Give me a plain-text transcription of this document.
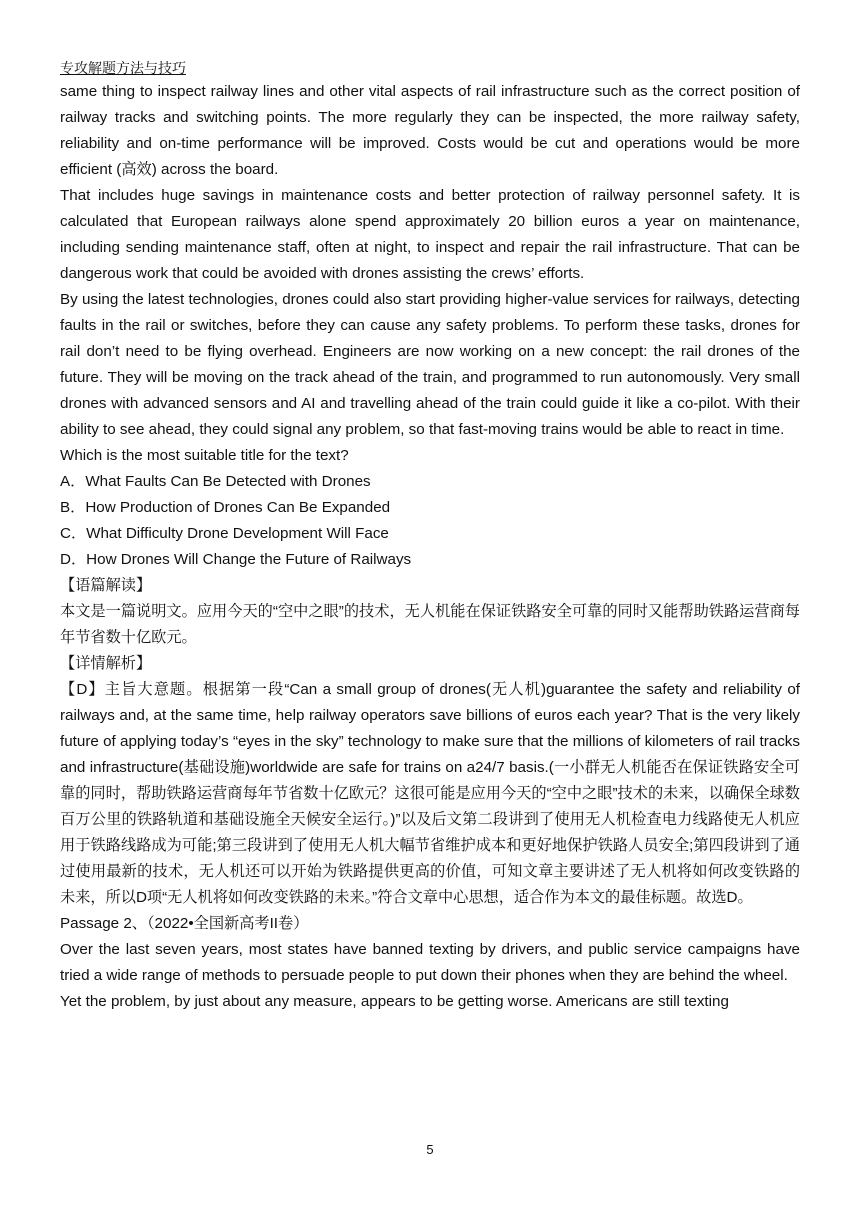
专攻解题方法与技巧

same thing to inspect railway lines and other vital aspects of rail infrastructure such as the correct position of railway tracks and switching points. The more regularly they can be inspected, the more railway safety, reliability and on-time performance will be improved. Costs would be cut and operations would be more efficient (高效) across the board.

That includes huge savings in maintenance costs and better protection of railway personnel safety. It is calculated that European railways alone spend approximately 20 billion euros a year on maintenance, including sending maintenance staff, often at night, to inspect and repair the rail infrastructure. That can be dangerous work that could be avoided with drones assisting the crews’ efforts.

By using the latest technologies, drones could also start providing higher-value services for railways, detecting faults in the rail or switches, before they can cause any safety problems. To perform these tasks, drones for rail don’t need to be flying overhead. Engineers are now working on a new concept: the rail drones of the future. They will be moving on the track ahead of the train, and programmed to run autonomously. Very small drones with advanced sensors and AI and travelling ahead of the train could guide it like a co-pilot. With their ability to see ahead, they could signal any problem, so that fast-moving trains would be able to react in time.

Which is the most suitable title for the text?

A．What Faults Can Be Detected with Drones

B．How Production of Drones Can Be Expanded

C．What Difficulty Drone Development Will Face

D．How Drones Will Change the Future of Railways

【语篇解读】

本文是一篇说明文。应用今天的“空中之眼”的技术，无人机能在保证铁路安全可靠的同时又能帮助铁路运营商每年节省数十亿欧元。

【详情解析】

【D】主旨大意题。根据第一段“Can a small group of drones(无人机)guarantee the safety and reliability of railways and, at the same time, help railway operators save billions of euros each year? That is the very likely future of applying today’s “eyes in the sky” technology to make sure that the millions of kilometers of rail tracks and infrastructure(基础设施)worldwide are safe for trains on a24/7 basis.(一小群无人机能否在保证铁路安全可靠的同时，帮助铁路运营商每年节省数十亿欧元？这很可能是应用今天的“空中之眼”技术的未来，以确保全球数百万公里的铁路轨道和基础设施全天候安全运行。)”以及后文第二段讲到了使用无人机检查电力线路使无人机应用于铁路线路成为可能;第三段讲到了使用无人机大幅节省维护成本和更好地保护铁路人员安全;第四段讲到了通过使用最新的技术，无人机还可以开始为铁路提供更高的价值，可知文章主要讲述了无人机将如何改变铁路的未来，所以D项“无人机将如何改变铁路的未来。”符合文章中心思想，适合作为本文的最佳标题。故选D。

Passage 2、（2022•全国新高考II卷）

Over the last seven years, most states have banned texting by drivers, and public service campaigns have tried a wide range of methods to persuade people to put down their phones when they are behind the wheel.

Yet the problem, by just about any measure, appears to be getting worse. Americans are still texting

5
